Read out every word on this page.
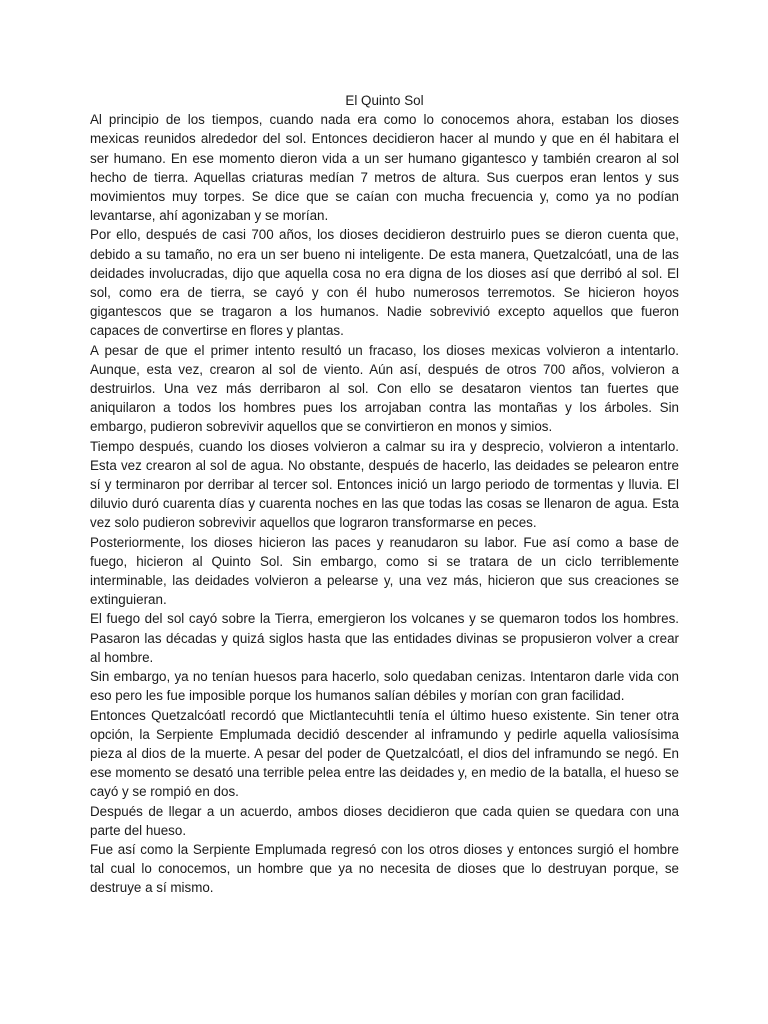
El Quinto Sol

Al principio de los tiempos, cuando nada era como lo conocemos ahora, estaban los dioses mexicas reunidos alrededor del sol. Entonces decidieron hacer al mundo y que en él habitara el ser humano. En ese momento dieron vida a un ser humano gigantesco y también crearon al sol hecho de tierra. Aquellas criaturas medían 7 metros de altura. Sus cuerpos eran lentos y sus movimientos muy torpes. Se dice que se caían con mucha frecuencia y, como ya no podían levantarse, ahí agonizaban y se morían.

Por ello, después de casi 700 años, los dioses decidieron destruirlo pues se dieron cuenta que, debido a su tamaño, no era un ser bueno ni inteligente. De esta manera, Quetzalcóatl, una de las deidades involucradas, dijo que aquella cosa no era digna de los dioses así que derribó al sol. El sol, como era de tierra, se cayó y con él hubo numerosos terremotos. Se hicieron hoyos gigantescos que se tragaron a los humanos. Nadie sobrevivió excepto aquellos que fueron capaces de convertirse en flores y plantas.

A pesar de que el primer intento resultó un fracaso, los dioses mexicas volvieron a intentarlo. Aunque, esta vez, crearon al sol de viento. Aún así, después de otros 700 años, volvieron a destruirlos. Una vez más derribaron al sol. Con ello se desataron vientos tan fuertes que aniquilaron a todos los hombres pues los arrojaban contra las montañas y los árboles. Sin embargo, pudieron sobrevivir aquellos que se convirtieron en monos y simios.

Tiempo después, cuando los dioses volvieron a calmar su ira y desprecio, volvieron a intentarlo. Esta vez crearon al sol de agua. No obstante, después de hacerlo, las deidades se pelearon entre sí y terminaron por derribar al tercer sol. Entonces inició un largo periodo de tormentas y lluvia. El diluvio duró cuarenta días y cuarenta noches en las que todas las cosas se llenaron de agua. Esta vez solo pudieron sobrevivir aquellos que lograron transformarse en peces.

Posteriormente, los dioses hicieron las paces y reanudaron su labor. Fue así como a base de fuego, hicieron al Quinto Sol. Sin embargo, como si se tratara de un ciclo terriblemente interminable, las deidades volvieron a pelearse y, una vez más, hicieron que sus creaciones se extinguieran.

El fuego del sol cayó sobre la Tierra, emergieron los volcanes y se quemaron todos los hombres. Pasaron las décadas y quizá siglos hasta que las entidades divinas se propusieron volver a crear al hombre.

Sin embargo, ya no tenían huesos para hacerlo, solo quedaban cenizas. Intentaron darle vida con eso pero les fue imposible porque los humanos salían débiles y morían con gran facilidad.

Entonces Quetzalcóatl recordó que Mictlantecuhtli tenía el último hueso existente. Sin tener otra opción, la Serpiente Emplumada decidió descender al inframundo y pedirle aquella valiosísima pieza al dios de la muerte. A pesar del poder de Quetzalcóatl, el dios del inframundo se negó. En ese momento se desató una terrible pelea entre las deidades y, en medio de la batalla, el hueso se cayó y se rompió en dos.

Después de llegar a un acuerdo, ambos dioses decidieron que cada quien se quedara con una parte del hueso.

Fue así como la Serpiente Emplumada regresó con los otros dioses y entonces surgió el hombre tal cual lo conocemos, un hombre que ya no necesita de dioses que lo destruyan porque, se destruye a sí mismo.
